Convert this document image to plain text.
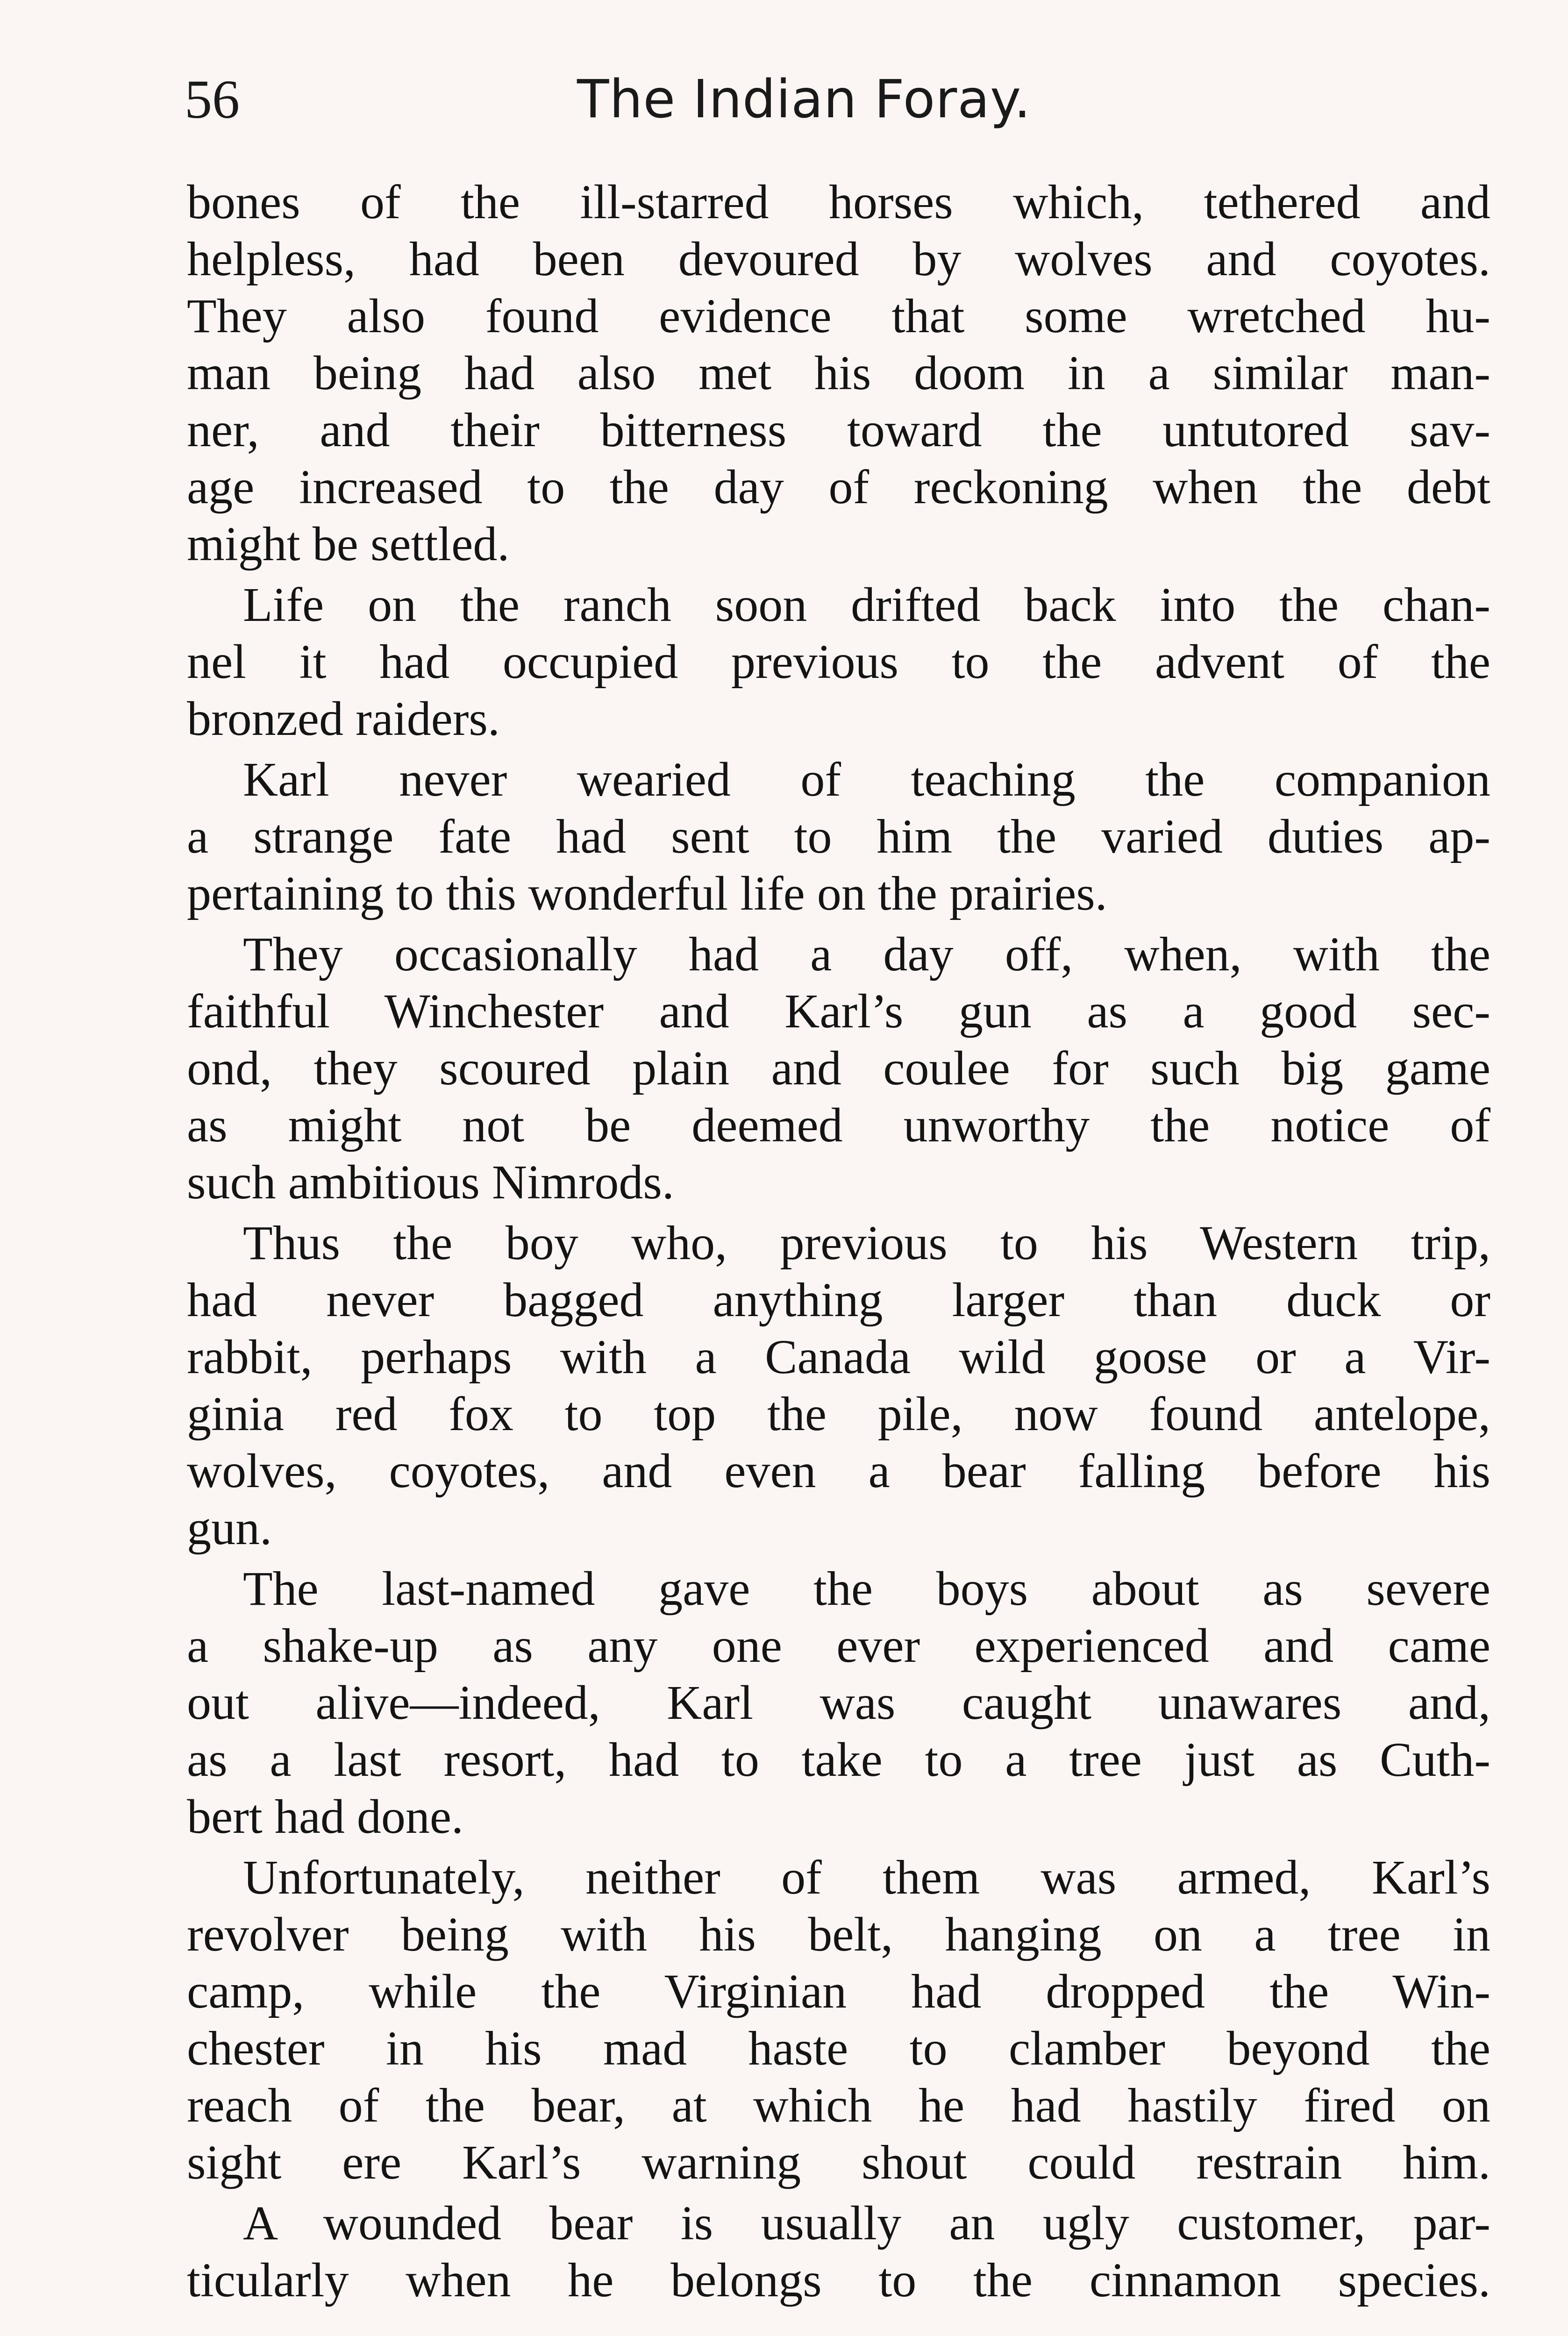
56	The Indian Foray.
bones of the ill-starred horses which, tethered and
helpless, had been devoured by wolves and coyotes.
They also found evidence that some wretched hu-
man being had also met his doom in a similar man-
ner, and their bitterness toward the untutored sav-
age increased to the day of reckoning when the debt
might be settled.
Life on the ranch soon drifted back into the chan-
nel it had occupied previous to the advent of the
bronzed raiders.
Karl never wearied of teaching the companion
a strange fate had sent to him the varied duties ap-
pertaining to this wonderful life on the prairies.
They occasionally had a day off, when, with the
faithful Winchester and Karl’s gun as a good sec-
ond, they scoured plain and coulee for such big game
as might not be deemed unworthy the notice of
such ambitious Nimrods.
Thus the boy who, previous to his Western trip,
had never bagged anything larger than duck or
rabbit, perhaps with a Canada wild goose or a Vir-
ginia red fox to top the pile, now found antelope,
wolves, coyotes, and even a bear falling before his
gun.
The last-named gave the boys about as severe
a shake-up as any one ever experienced and came
out alive—indeed, Karl was caught unawares and,
as a last resort, had to take to a tree just as Cuth-
bert had done.
Unfortunately, neither of them was armed, Karl’s
revolver being with his belt, hanging on a tree in
camp, while the Virginian had dropped the Win-
chester in his mad haste to clamber beyond the
reach of the bear, at which he had hastily fired on
sight ere Karl’s warning shout could restrain him.
A wounded bear is usually an ugly customer, par-
ticularly when he belongs to the cinnamon species.
